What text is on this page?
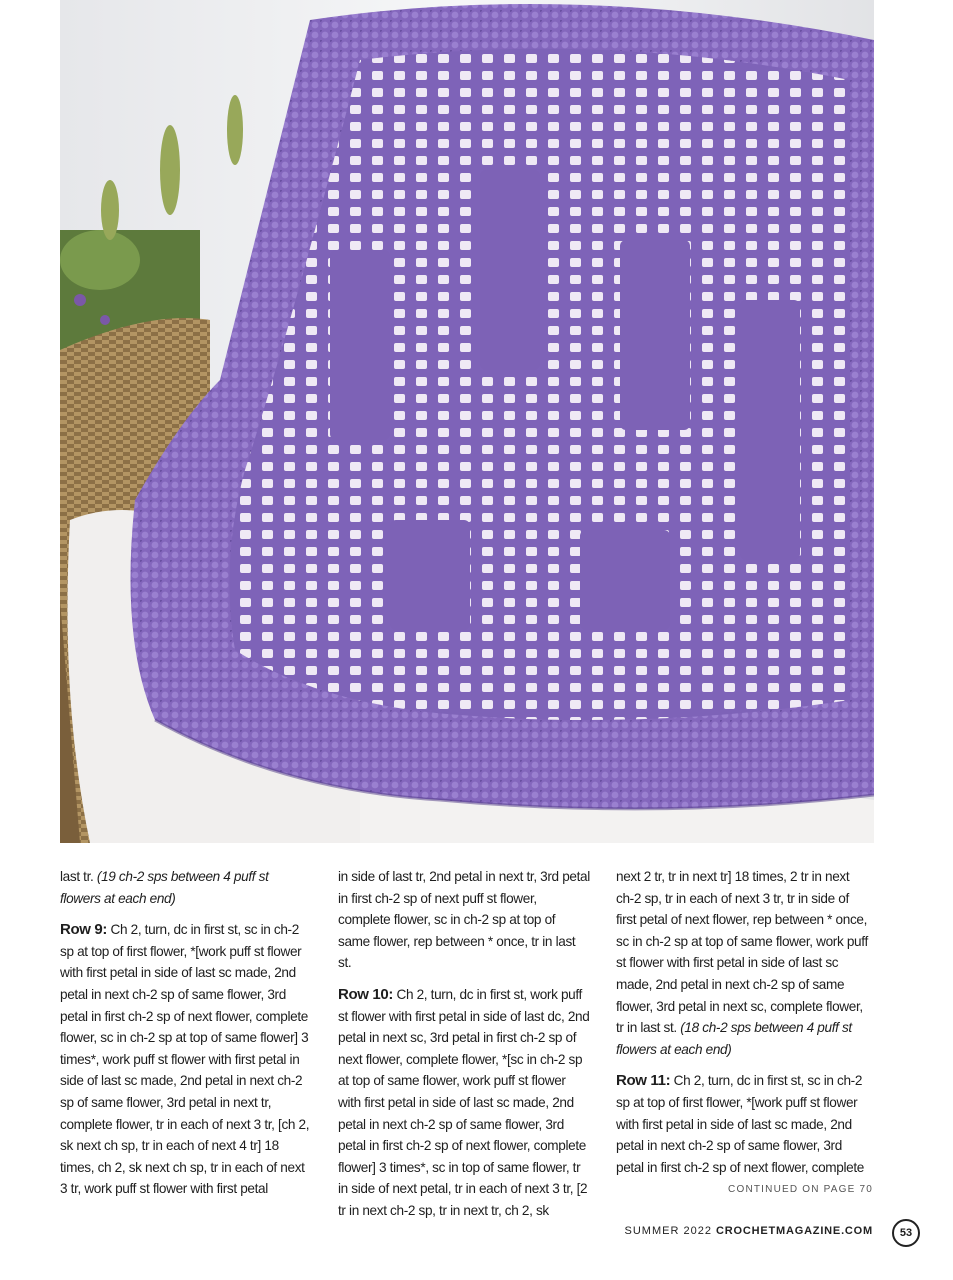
last tr. (19 ch-2 sps between 4 puff st flowers at each end)

Row 9: Ch 2, turn, dc in first st, sc in ch-2 sp at top of first flower, *[work puff st flower with first petal in side of last sc made, 2nd petal in next ch-2 sp of same flower, 3rd petal in first ch-2 sp of next flower, complete flower, sc in ch-2 sp at top of same flower] 3 times*, work puff st flower with first petal in side of last sc made, 2nd petal in next ch-2 sp of same flower, 3rd petal in next tr, complete flower, tr in each of next 3 tr, [ch 2, sk next ch sp, tr in each of next 4 tr] 18 times, ch 2, sk next ch sp, tr in each of next 3 tr, work puff st flower with first petal

in side of last tr, 2nd petal in next tr, 3rd petal in first ch-2 sp of next puff st flower, complete flower, sc in ch-2 sp at top of same flower, rep between * once, tr in last st.

Row 10: Ch 2, turn, dc in first st, work puff st flower with first petal in side of last dc, 2nd petal in next sc, 3rd petal in first ch-2 sp of next flower, complete flower, *[sc in ch-2 sp at top of same flower, work puff st flower with first petal in side of last sc made, 2nd petal in next ch-2 sp of same flower, 3rd petal in first ch-2 sp of next flower, complete flower] 3 times*, sc in top of same flower, tr in side of next petal, tr in each of next 3 tr, [2 tr in next ch-2 sp, tr in next tr, ch 2, sk

next 2 tr, tr in next tr] 18 times, 2 tr in next ch-2 sp, tr in each of next 3 tr, tr in side of first petal of next flower, rep between * once, sc in ch-2 sp at top of same flower, work puff st flower with first petal in side of last sc made, 2nd petal in next ch-2 sp of same flower, 3rd petal in next sc, complete flower, tr in last st. (18 ch-2 sps between 4 puff st flowers at each end)

Row 11: Ch 2, turn, dc in first st, sc in ch-2 sp at top of first flower, *[work puff st flower with first petal in side of last sc made, 2nd petal in next ch-2 sp of same flower, 3rd petal in first ch-2 sp of next flower, complete

CONTINUED ON PAGE 70
SUMMER 2022 CROCHETMAGAZINE.COM	53
